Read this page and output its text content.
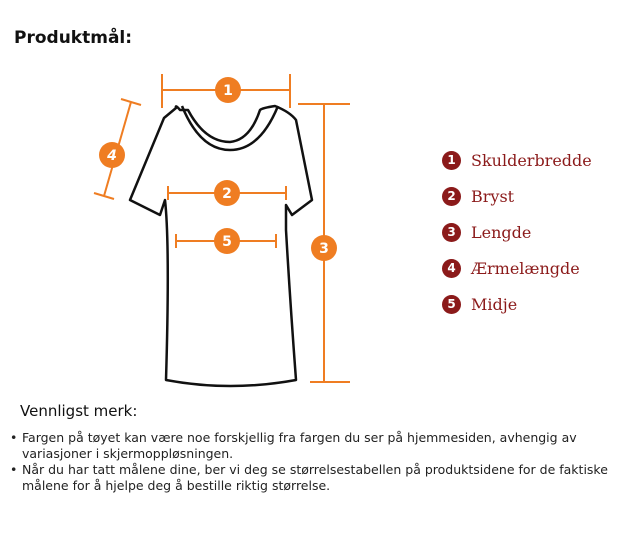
Produktmål:
1
2
3
4
5
1 Skulderbredde
2 Bryst
3 Lengde
4 Ærmelængde
5 Midje
Vennligst merk:
• Fargen på tøyet kan være noe forskjellig fra fargen du ser på hjemmesiden, avhengig av variasjoner i skjermoppløsningen.
• Når du har tatt målene dine, ber vi deg se størrelsestabellen på produktsidene for de faktiske målene for å hjelpe deg å bestille riktig størrelse.
